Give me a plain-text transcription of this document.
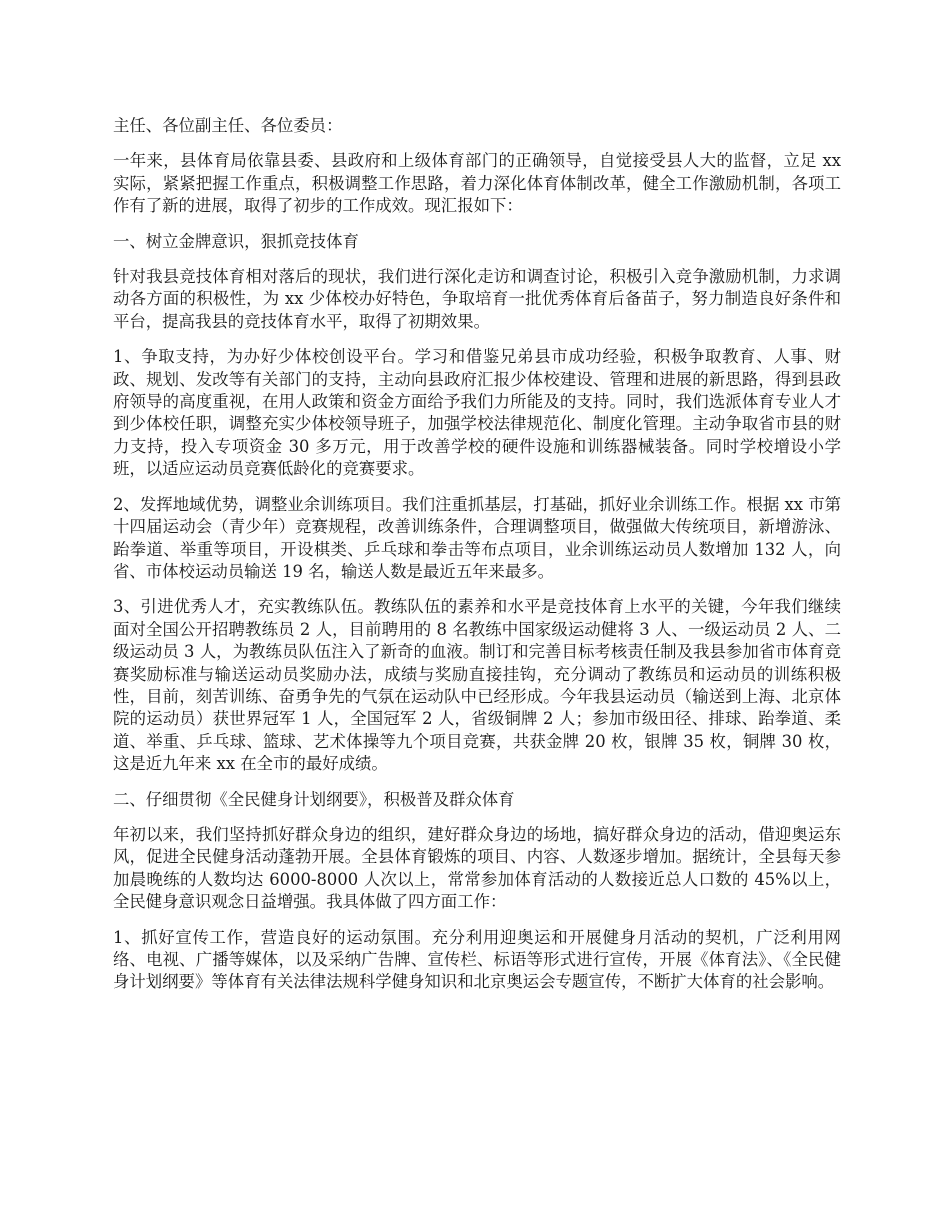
主任、各位副主任、各位委员：

一年来，县体育局依靠县委、县政府和上级体育部门的正确领导，自觉接受县人大的监督，立足 xx 实际，紧紧把握工作重点，积极调整工作思路，着力深化体育体制改革，健全工作激励机制，各项工作有了新的进展，取得了初步的工作成效。现汇报如下：

一、树立金牌意识，狠抓竞技体育

针对我县竞技体育相对落后的现状，我们进行深化走访和调查讨论，积极引入竞争激励机制，力求调动各方面的积极性，为 xx 少体校办好特色，争取培育一批优秀体育后备苗子，努力制造良好条件和平台，提高我县的竞技体育水平，取得了初期效果。

1、争取支持，为办好少体校创设平台。学习和借鉴兄弟县市成功经验，积极争取教育、人事、财政、规划、发改等有关部门的支持，主动向县政府汇报少体校建设、管理和进展的新思路，得到县政府领导的高度重视，在用人政策和资金方面给予我们力所能及的支持。同时，我们选派体育专业人才到少体校任职，调整充实少体校领导班子，加强学校法律规范化、制度化管理。主动争取省市县的财力支持，投入专项资金 30 多万元，用于改善学校的硬件设施和训练器械装备。同时学校增设小学班，以适应运动员竞赛低龄化的竞赛要求。

2、发挥地域优势，调整业余训练项目。我们注重抓基层，打基础，抓好业余训练工作。根据 xx 市第十四届运动会（青少年）竞赛规程，改善训练条件，合理调整项目，做强做大传统项目，新增游泳、跆拳道、举重等项目，开设棋类、乒乓球和拳击等布点项目，业余训练运动员人数增加 132 人，向省、市体校运动员输送 19 名，输送人数是最近五年来最多。

3、引进优秀人才，充实教练队伍。教练队伍的素养和水平是竞技体育上水平的关键，今年我们继续面对全国公开招聘教练员 2 人，目前聘用的 8 名教练中国家级运动健将 3 人、一级运动员 2 人、二级运动员 3 人，为教练员队伍注入了新奇的血液。制订和完善目标考核责任制及我县参加省市体育竞赛奖励标准与输送运动员奖励办法，成绩与奖励直接挂钩，充分调动了教练员和运动员的训练积极性，目前，刻苦训练、奋勇争先的气氛在运动队中已经形成。今年我县运动员（输送到上海、北京体院的运动员）获世界冠军 1 人，全国冠军 2 人，省级铜牌 2 人；参加市级田径、排球、跆拳道、柔道、举重、乒乓球、篮球、艺术体操等九个项目竞赛，共获金牌 20 枚，银牌 35 枚，铜牌 30 枚，这是近九年来 xx 在全市的最好成绩。

二、仔细贯彻《全民健身计划纲要》，积极普及群众体育

年初以来，我们坚持抓好群众身边的组织，建好群众身边的场地，搞好群众身边的活动，借迎奥运东风，促进全民健身活动蓬勃开展。全县体育锻炼的项目、内容、人数逐步增加。据统计，全县每天参加晨晚练的人数均达 6000-8000 人次以上，常常参加体育活动的人数接近总人口数的 45%以上，全民健身意识观念日益增强。我具体做了四方面工作：

1、抓好宣传工作，营造良好的运动氛围。充分利用迎奥运和开展健身月活动的契机，广泛利用网络、电视、广播等媒体，以及采纳广告牌、宣传栏、标语等形式进行宣传，开展《体育法》、《全民健身计划纲要》等体育有关法律法规科学健身知识和北京奥运会专题宣传，不断扩大体育的社会影响。
